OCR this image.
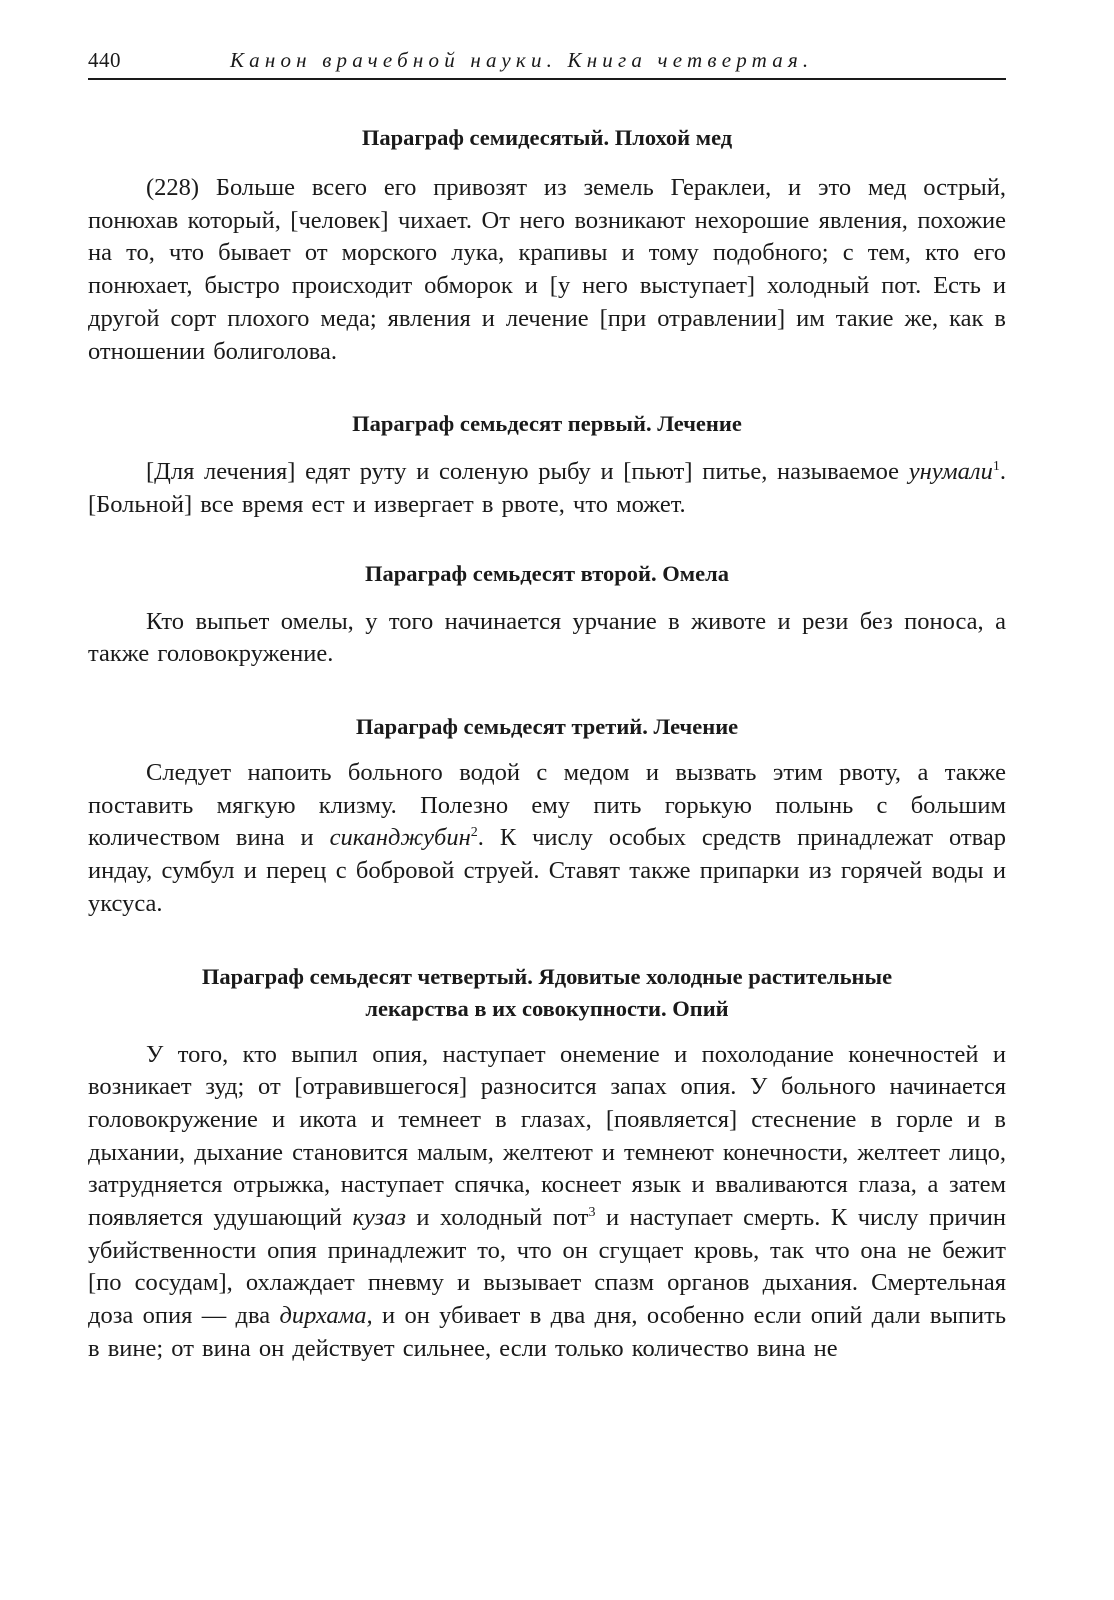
440	Канон врачебной науки. Книга четвертая.
Параграф семидесятый. Плохой мед

(228) Больше всего его привозят из земель Гераклеи, и это мед острый, понюхав который, [человек] чихает. От него возникают нехорошие явления, похожие на то, что бывает от морского лука, крапивы и тому подобного; с тем, кто его понюхает, быстро происходит обморок и [у него выступает] холодный пот. Есть и другой сорт плохого меда; явления и лечение [при отравлении] им такие же, как в отношении болиголова.

Параграф семьдесят первый. Лечение

[Для лечения] едят руту и соленую рыбу и [пьют] питье, называемое унумали$^1$. [Больной] все время ест и извергает в рвоте, что может.

Параграф семьдесят второй. Омела

Кто выпьет омелы, у того начинается урчание в животе и рези без поноса, а также головокружение.

Параграф семьдесят третий. Лечение

Следует напоить больного водой с медом и вызвать этим рвоту, а также поставить мягкую клизму. Полезно ему пить горькую полынь с большим количеством вина и сиканджубин$^2$. К числу особых средств принадлежат отвар индау, сумбул и перец с бобровой струей. Ставят также припарки из горячей воды и уксуса.

Параграф семьдесят четвертый. Ядовитые холодные растительные
лекарства в их совокупности. Опий

У того, кто выпил опия, наступает онемение и похолодание конечностей и возникает зуд; от [отравившегося] разносится запах опия. У больного начинается головокружение и икота и темнеет в глазах, [появляется] стеснение в горле и в дыхании, дыхание становится малым, желтеют и темнеют конечности, желтеет лицо, затрудняется отрыжка, наступает спячка, коснеет язык и вваливаются глаза, а затем появляется удушающий кузаз и холодный пот$^3$ и наступает смерть. К числу причин убийственности опия принадлежит то, что он сгущает кровь, так что она не бежит [по сосудам], охлаждает пневму и вызывает спазм органов дыхания. Смертельная доза опия — два дирхама, и он убивает в два дня, особенно если опий дали выпить в вине; от вина он действует сильнее, если только количество вина не
